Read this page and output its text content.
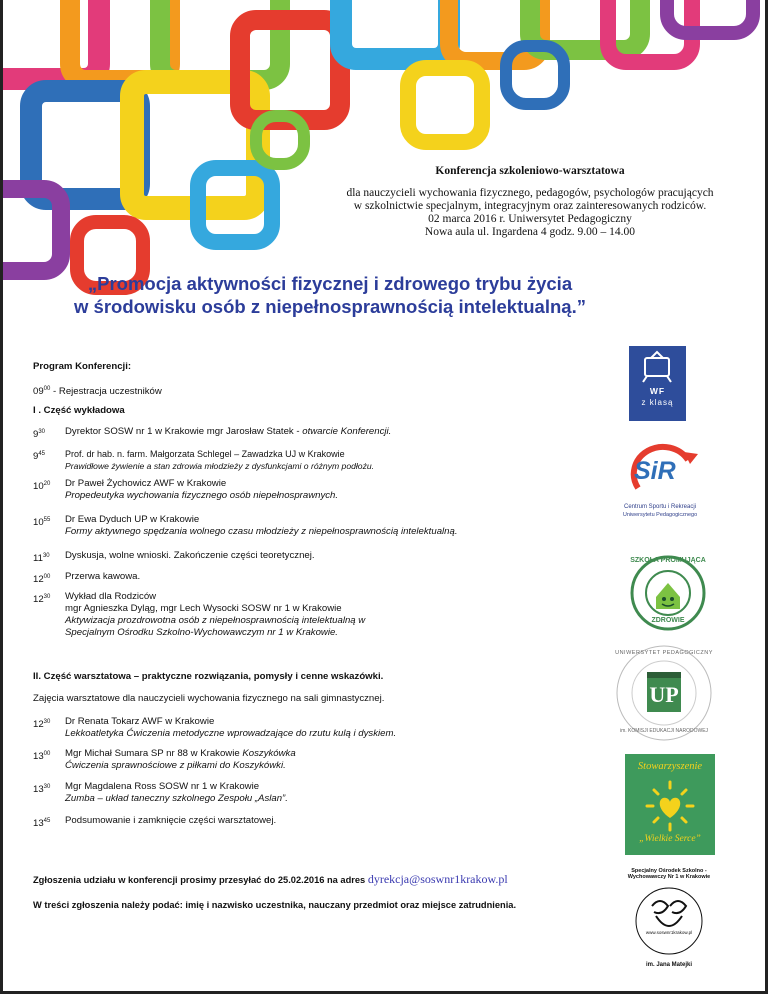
Konferencja szkoleniowo-warsztatowa
dla nauczycieli wychowania fizycznego, pedagogów, psychologów pracujących
w szkolnictwie specjalnym, integracyjnym oraz zainteresowanych rodziców.
02 marca 2016 r. Uniwersytet Pedagogiczny
Nowa aula ul. Ingardena 4 godz. 9.00 – 14.00
„Promocja aktywności fizycznej i zdrowego trybu życia
w środowisku osób z niepełnosprawnością intelektualną.”
Program Konferencji:
$09^{00}$ - Rejestracja uczestników
I . Część wykładowa
$9^{30}$ Dyrektor SOSW nr 1 w Krakowie mgr Jarosław Statek - otwarcie Konferencji.
$9^{45}$ Prof. dr hab. n. farm. Małgorzata Schlegel – Zawadzka UJ w Krakowie
Prawidłowe żywienie a stan zdrowia młodzieży z dysfunkcjami o różnym podłożu.
$10^{20}$ Dr Paweł Żychowicz AWF w Krakowie
Propedeutyka wychowania fizycznego osób niepełnosprawnych.
$10^{55}$ Dr Ewa Dyduch UP w Krakowie
Formy aktywnego spędzania wolnego czasu młodzieży z niepełnosprawnością intelektualną.
$11^{30}$ Dyskusja, wolne wnioski. Zakończenie części teoretycznej.
$12^{00}$ Przerwa kawowa.
$12^{30}$ Wykład dla Rodziców
mgr Agnieszka Dyląg, mgr Lech Wysocki SOSW nr 1 w Krakowie
Aktywizacja prozdrowotna osób z niepełnosprawnością intelektualną w
Specjalnym Ośrodku Szkolno-Wychowawczym nr 1 w Krakowie.
II. Część warsztatowa – praktyczne rozwiązania, pomysły i cenne wskazówki.
Zajęcia warsztatowe dla nauczycieli wychowania fizycznego na sali gimnastycznej.
$12^{30}$ Dr Renata Tokarz AWF w Krakowie
Lekkoatletyka Ćwiczenia metodyczne wprowadzające do rzutu kulą i dyskiem.
$13^{00}$ Mgr Michał Sumara SP nr 88 w Krakowie Koszykówka
Ćwiczenia sprawnościowe z piłkami do Koszykówki.
$13^{30}$ Mgr Magdalena Ross SOSW nr 1 w Krakowie
Zumba – układ taneczny szkolnego Zespołu „Aslan”.
$13^{45}$ Podsumowanie i zamknięcie części warsztatowej.
Zgłoszenia udziału w konferencji prosimy przesyłać do 25.02.2016 na adres dyrekcja@soswnr1krakow.pl
W treści zgłoszenia należy podać: imię i nazwisko uczestnika, nauczany przedmiot oraz miejsce zatrudnienia.
WF
z klasą
SiR
Centrum Sportu i Rekreacji
Uniwersytetu Pedagogicznego
SZKOŁA PROMUJĄCA
ZDROWIE
UP
UNIWERSYTET PEDAGOGICZNY
im. KOMISJI EDUKACJI NARODOWEJ
Stowarzyszenie
„Wielkie Serce”
Specjalny Ośrodek Szkolno - Wychowawczy Nr 1 w Krakowie
www.soswnr1krakow.pl
im. Jana Matejki
